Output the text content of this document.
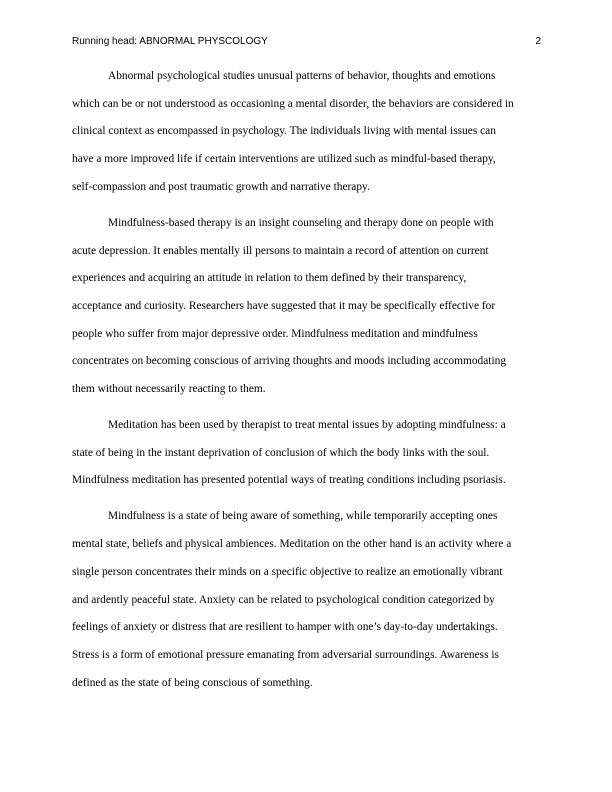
Running head: ABNORMAL PHYSCOLOGY	2

Abnormal psychological studies unusual patterns of behavior, thoughts and emotions
which can be or not understood as occasioning a mental disorder, the behaviors are considered in
clinical context as encompassed in psychology. The individuals living with mental issues can
have a more improved life if certain interventions are utilized such as mindful-based therapy,
self-compassion and post traumatic growth and narrative therapy.

Mindfulness-based therapy is an insight counseling and therapy done on people with
acute depression. It enables mentally ill persons to maintain a record of attention on current
experiences and acquiring an attitude in relation to them defined by their transparency,
acceptance and curiosity. Researchers have suggested that it may be specifically effective for
people who suffer from major depressive order. Mindfulness meditation and mindfulness
concentrates on becoming conscious of arriving thoughts and moods including accommodating
them without necessarily reacting to them.

Meditation has been used by therapist to treat mental issues by adopting mindfulness: a
state of being in the instant deprivation of conclusion of which the body links with the soul.
Mindfulness meditation has presented potential ways of treating conditions including psoriasis.

Mindfulness is a state of being aware of something, while temporarily accepting ones
mental state, beliefs and physical ambiences. Meditation on the other hand is an activity where a
single person concentrates their minds on a specific objective to realize an emotionally vibrant
and ardently peaceful state. Anxiety can be related to psychological condition categorized by
feelings of anxiety or distress that are resilient to hamper with one’s day-to-day undertakings.
Stress is a form of emotional pressure emanating from adversarial surroundings. Awareness is
defined as the state of being conscious of something.
